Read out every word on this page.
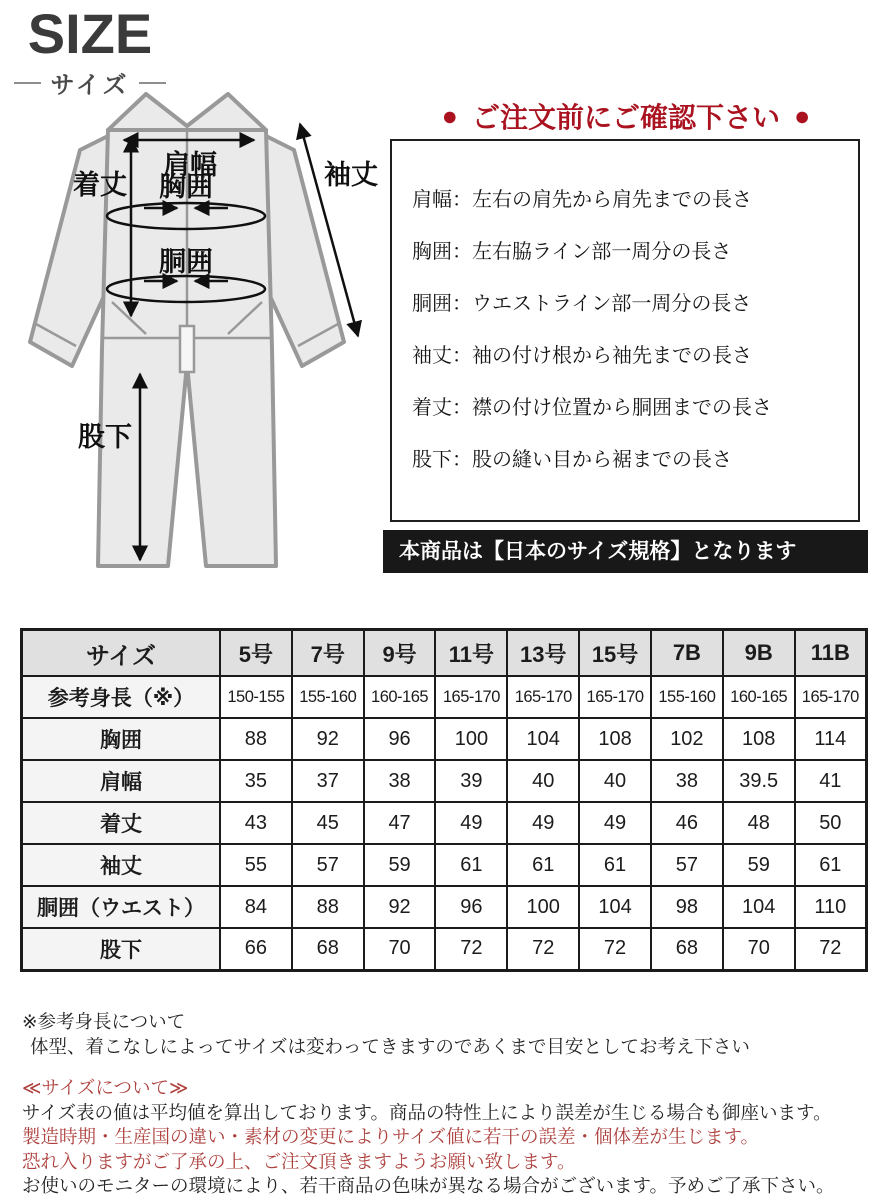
SIZE
サイズ
肩幅
着丈 胸囲
胴囲
袖丈
股下
● ご注文前にご確認下さい ●
肩幅：左右の肩先から肩先までの長さ
胸囲：左右脇ライン部一周分の長さ
胴囲：ウエストライン部一周分の長さ
袖丈：袖の付け根から袖先までの長さ
着丈：襟の付け位置から胴囲までの長さ
股下：股の縫い目から裾までの長さ
本商品は【日本のサイズ規格】となります
サイズ	5号	7号	9号	11号	13号	15号	7B	9B	11B
参考身長（※）	150-155	155-160	160-165	165-170	165-170	165-170	155-160	160-165	165-170
胸囲	88	92	96	100	104	108	102	108	114
肩幅	35	37	38	39	40	40	38	39.5	41
着丈	43	45	47	49	49	49	46	48	50
袖丈	55	57	59	61	61	61	57	59	61
胴囲（ウエスト）	84	88	92	96	100	104	98	104	110
股下	66	68	70	72	72	72	68	70	72

※参考身長について

体型、着こなしによってサイズは変わってきますのであくまで目安としてお考え下さい

≪サイズについて≫

サイズ表の値は平均値を算出しております。商品の特性上により誤差が生じる場合も御座います。

製造時期・生産国の違い・素材の変更によりサイズ値に若干の誤差・個体差が生じます。

恐れ入りますがご了承の上、ご注文頂きますようお願い致します。

お使いのモニターの環境により、若干商品の色味が異なる場合がございます。予めご了承下さい。
